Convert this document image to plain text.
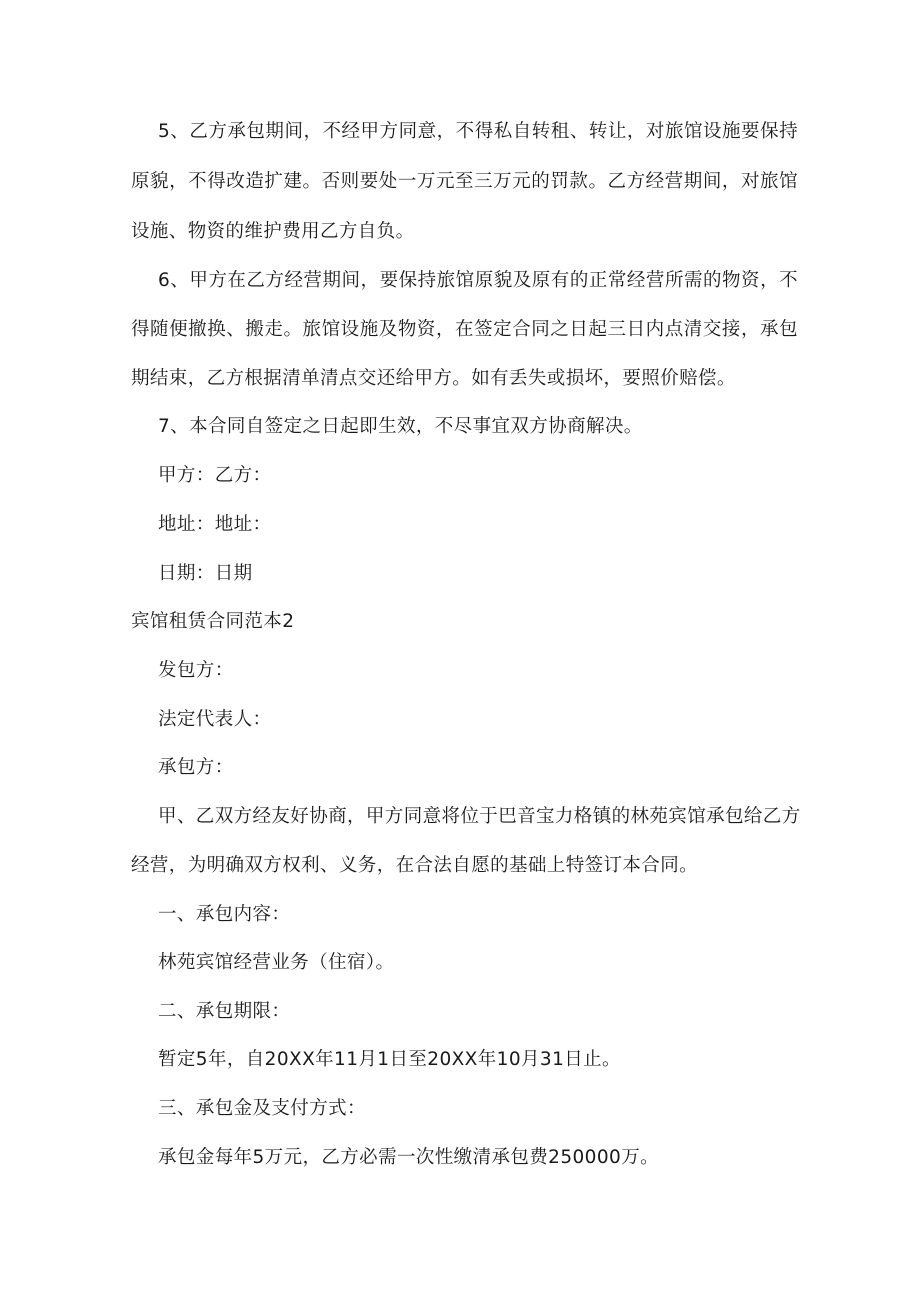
5、乙方承包期间，不经甲方同意，不得私自转租、转让，对旅馆设施要保持
原貌，不得改造扩建。否则要处一万元至三万元的罚款。乙方经营期间，对旅馆
设施、物资的维护费用乙方自负。
6、甲方在乙方经营期间，要保持旅馆原貌及原有的正常经营所需的物资，不
得随便撤换、搬走。旅馆设施及物资，在签定合同之日起三日内点清交接，承包
期结束，乙方根据清单清点交还给甲方。如有丢失或损坏，要照价赔偿。
7、本合同自签定之日起即生效，不尽事宜双方协商解决。
甲方：乙方：
地址：地址：
日期：日期
宾馆租赁合同范本2
发包方：
法定代表人：
承包方：
甲、乙双方经友好协商，甲方同意将位于巴音宝力格镇的林苑宾馆承包给乙方
经营，为明确双方权利、义务，在合法自愿的基础上特签订本合同。
一、承包内容：
林苑宾馆经营业务（住宿）。
二、承包期限：
暂定5年，自20XX年11月1日至20XX年10月31日止。
三、承包金及支付方式：
承包金每年5万元，乙方必需一次性缴清承包费250000万。
